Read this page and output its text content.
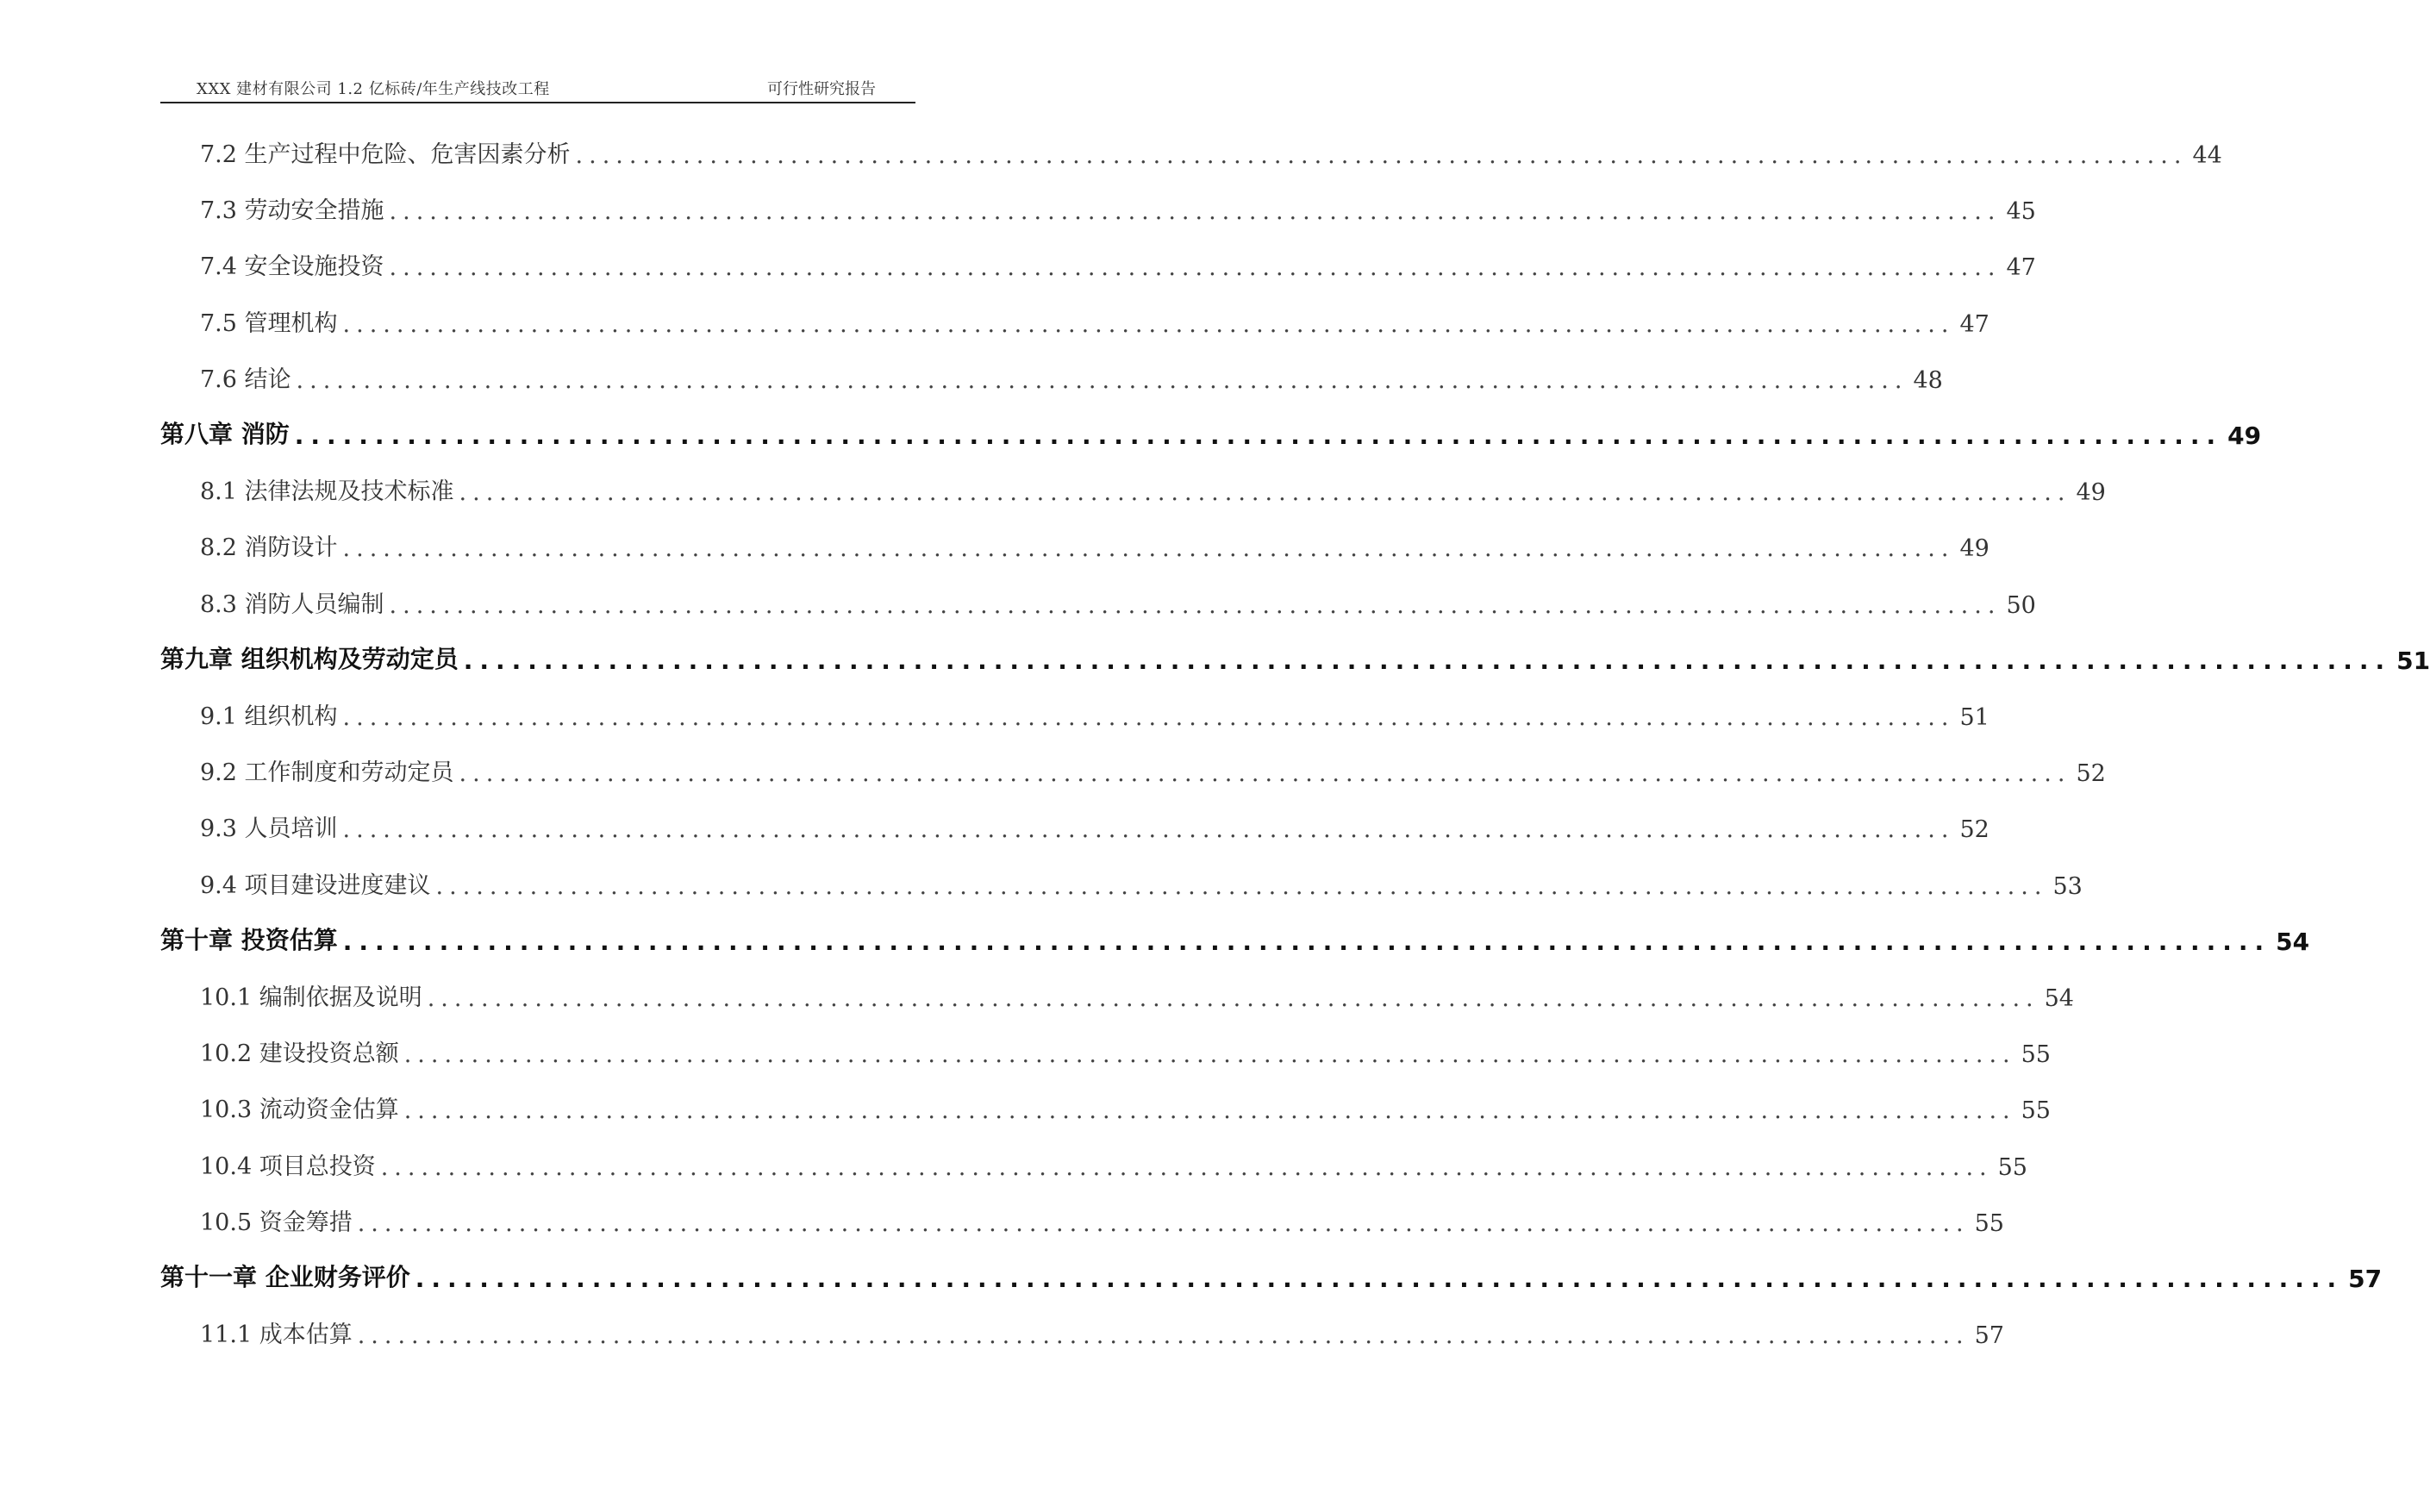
XXX 建材有限公司 1.2 亿标砖/年生产线技改工程	可行性研究报告
7.2 生产过程中危险、危害因素分析 ........................................................................................................................ 44
7.3 劳动安全措施 ........................................................................................................................ 45
7.4 安全设施投资 ........................................................................................................................ 47
7.5 管理机构 ........................................................................................................................ 47
7.6 结论 ........................................................................................................................ 48
第八章 消防 ........................................................................................................................ 49
8.1 法律法规及技术标准 ........................................................................................................................ 49
8.2 消防设计 ........................................................................................................................ 49
8.3 消防人员编制 ........................................................................................................................ 50
第九章 组织机构及劳动定员 ........................................................................................................................ 51
9.1 组织机构 ........................................................................................................................ 51
9.2 工作制度和劳动定员 ........................................................................................................................ 52
9.3 人员培训 ........................................................................................................................ 52
9.4 项目建设进度建议 ........................................................................................................................ 53
第十章 投资估算 ........................................................................................................................ 54
10.1 编制依据及说明 ........................................................................................................................ 54
10.2 建设投资总额 ........................................................................................................................ 55
10.3 流动资金估算 ........................................................................................................................ 55
10.4 项目总投资 ........................................................................................................................ 55
10.5 资金筹措 ........................................................................................................................ 55
第十一章 企业财务评价 ........................................................................................................................ 57
11.1 成本估算 ........................................................................................................................ 57
